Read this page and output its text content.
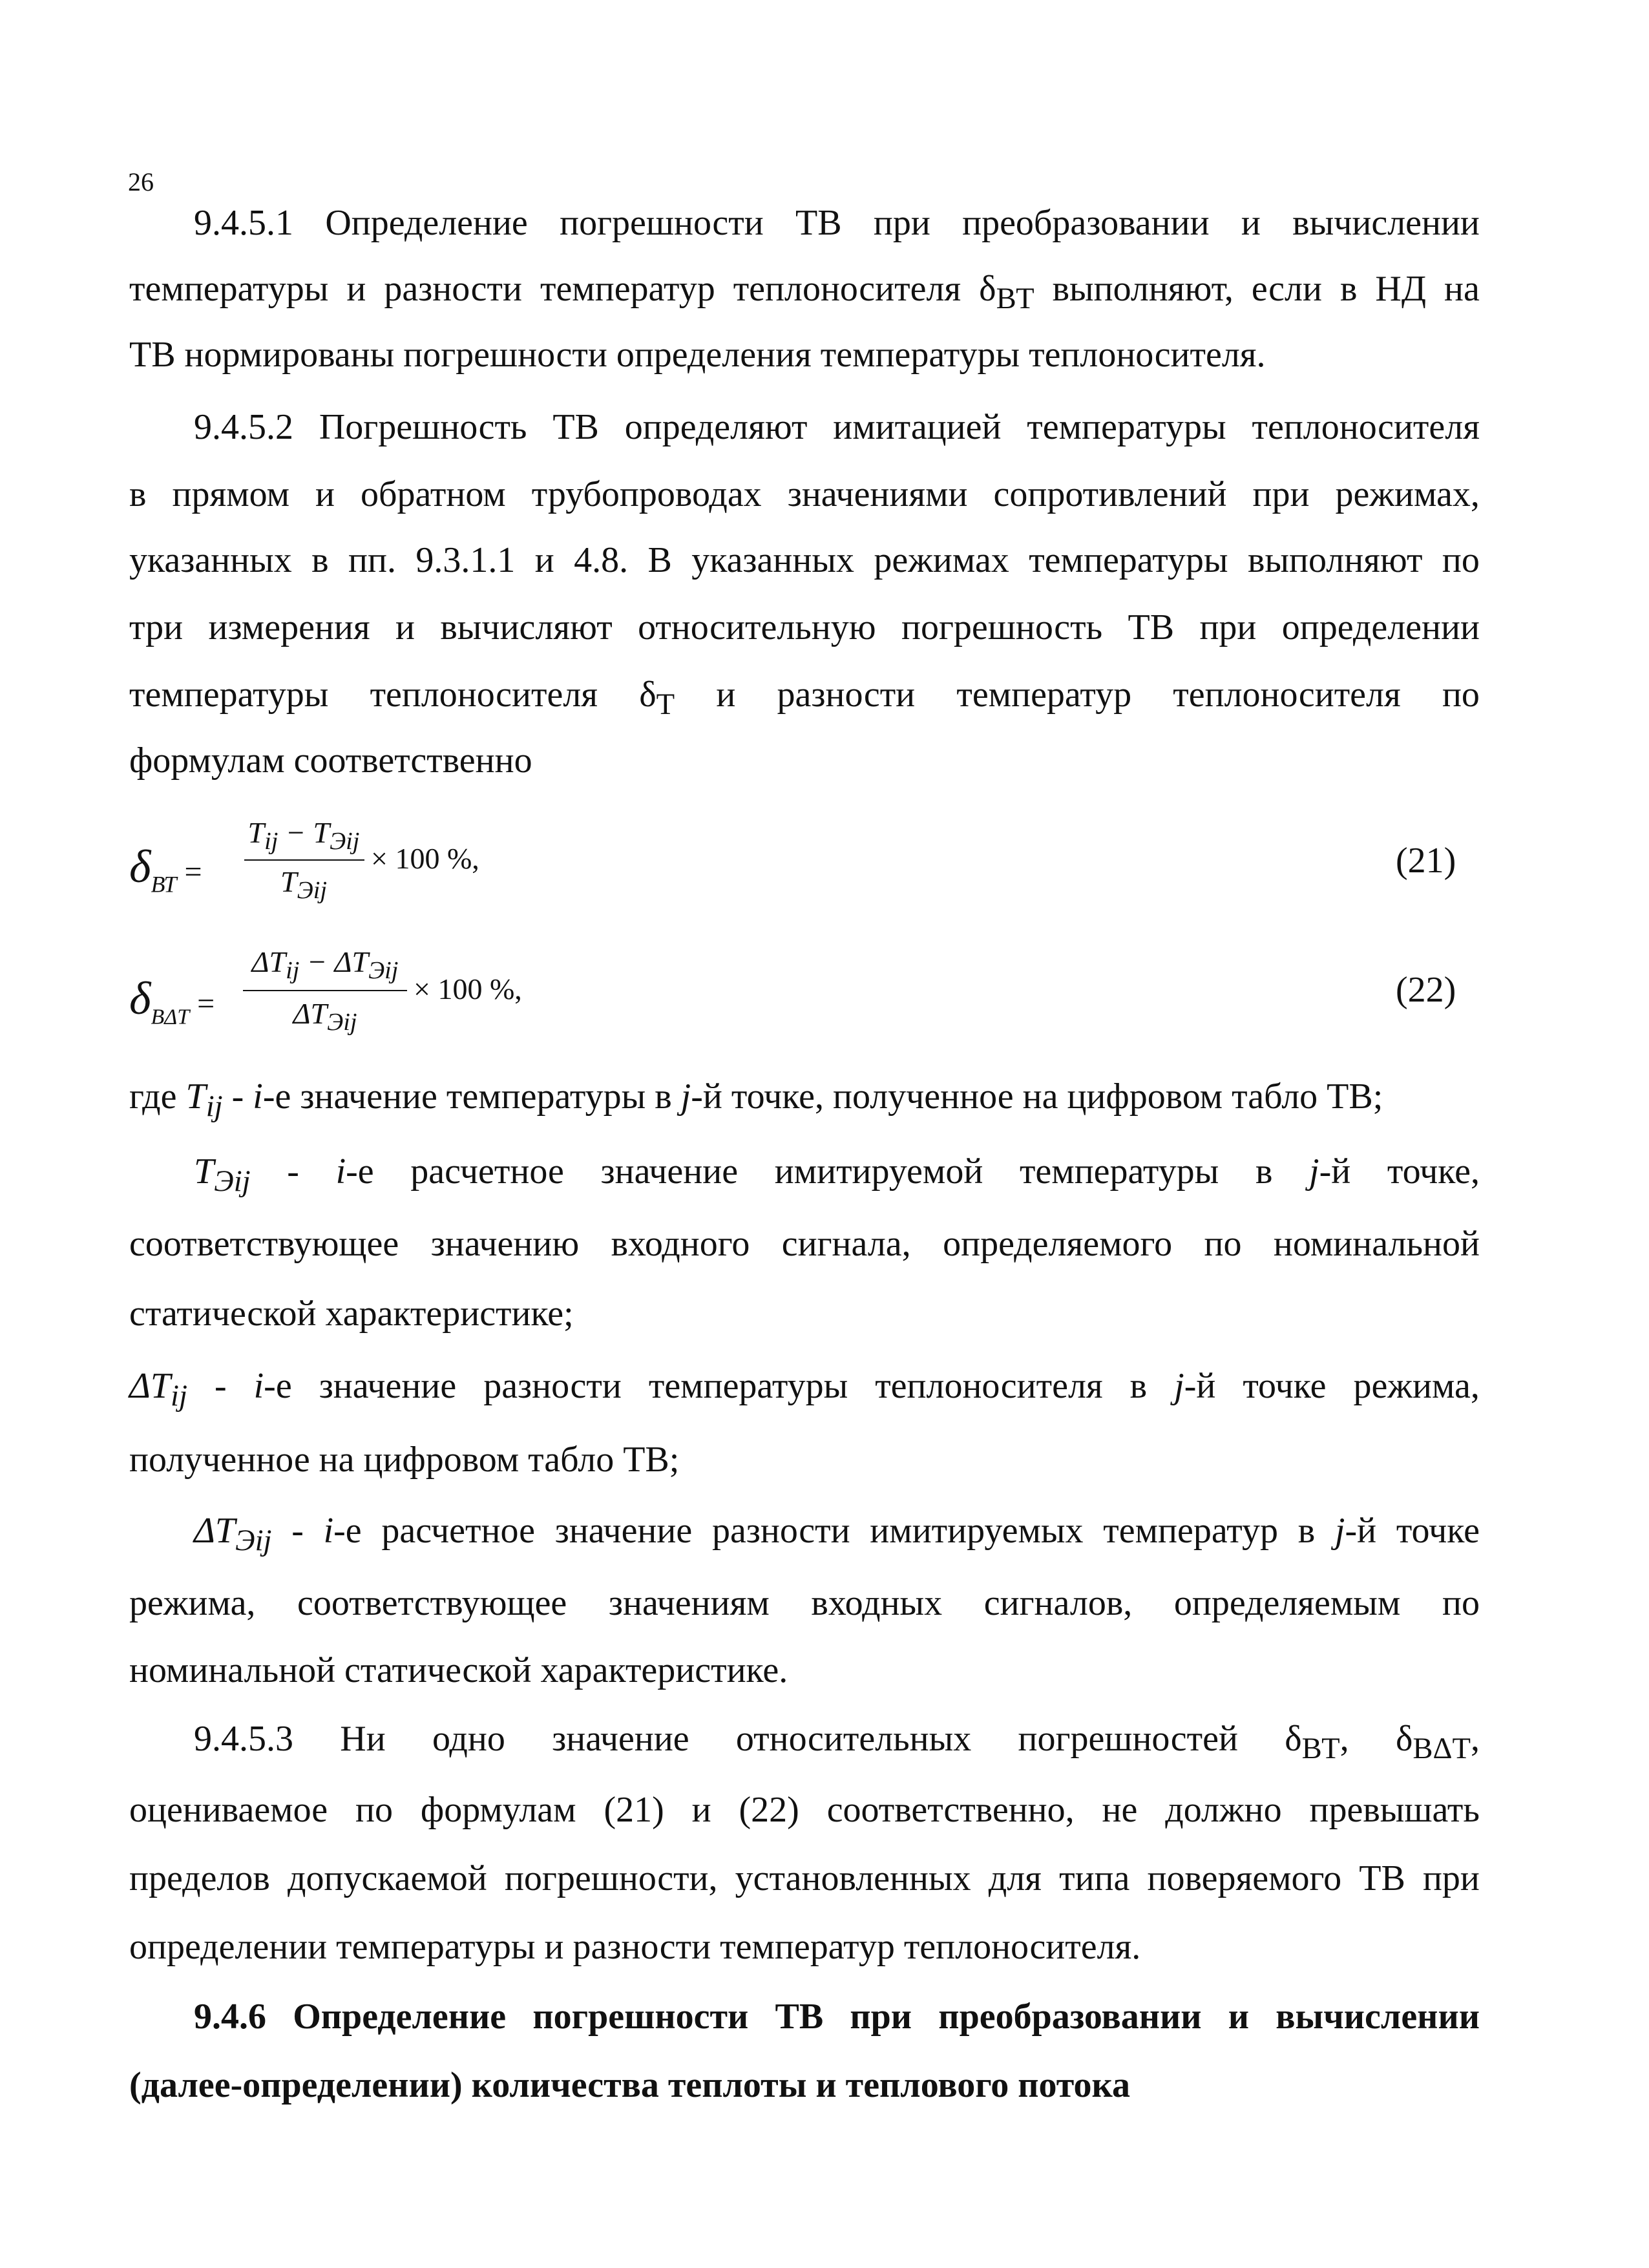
26
9.4.5.1 Определение погрешности ТВ при преобразовании и вычислении
температуры и разности температур теплоносителя $\delta_{ВТ}$ выполняют, если в НД на
ТВ нормированы погрешности определения температуры теплоносителя.
9.4.5.2 Погрешность ТВ определяют имитацией температуры теплоносителя
в прямом и обратном трубопроводах значениями сопротивлений при режимах,
указанных в пп. 9.3.1.1 и 4.8. В указанных режимах температуры выполняют по
три измерения и вычисляют относительную погрешность ТВ при определении
температуры теплоносителя $\delta_Т$ и разности температур теплоносителя по
формулам соответственно
$\delta_{ВТ}$ =
$T_{ij} - T_{Эij}$
$T_{Эij}$
× 100 %,	(21)
$\delta_{В\Delta Т}$ =
$\Delta T_{ij} - \Delta T_{Эij}$
$\Delta T_{Эij}$
× 100 %,	(22)
где $T_{ij} - i-е$ значение температуры в j-й точке, полученное на цифровом табло ТВ;
$T_{Эij} - i-е$ расчетное значение имитируемой температуры в j-й точке,
соответствующее значению входного сигнала, определяемого по номинальной
статической характеристике;
$\Delta T_{ij} - i-е$ значение разности температуры теплоносителя в j-й точке режима,
полученное на цифровом табло ТВ;
$\Delta T_{Эij} - i-е$ расчетное значение разности имитируемых температур в j-й точке
режима, соответствующее значениям входных сигналов, определяемым по
номинальной статической характеристике.
9.4.5.3 Ни одно значение относительных погрешностей $\delta_{ВТ}$, $\delta_{В\Delta Т}$,
оцениваемое по формулам (21) и (22) соответственно, не должно превышать
пределов допускаемой погрешности, установленных для типа поверяемого ТВ при
определении температуры и разности температур теплоносителя.
9.4.6 Определение погрешности ТВ при преобразовании и вычислении
(далее-определении) количества теплоты и теплового потока
